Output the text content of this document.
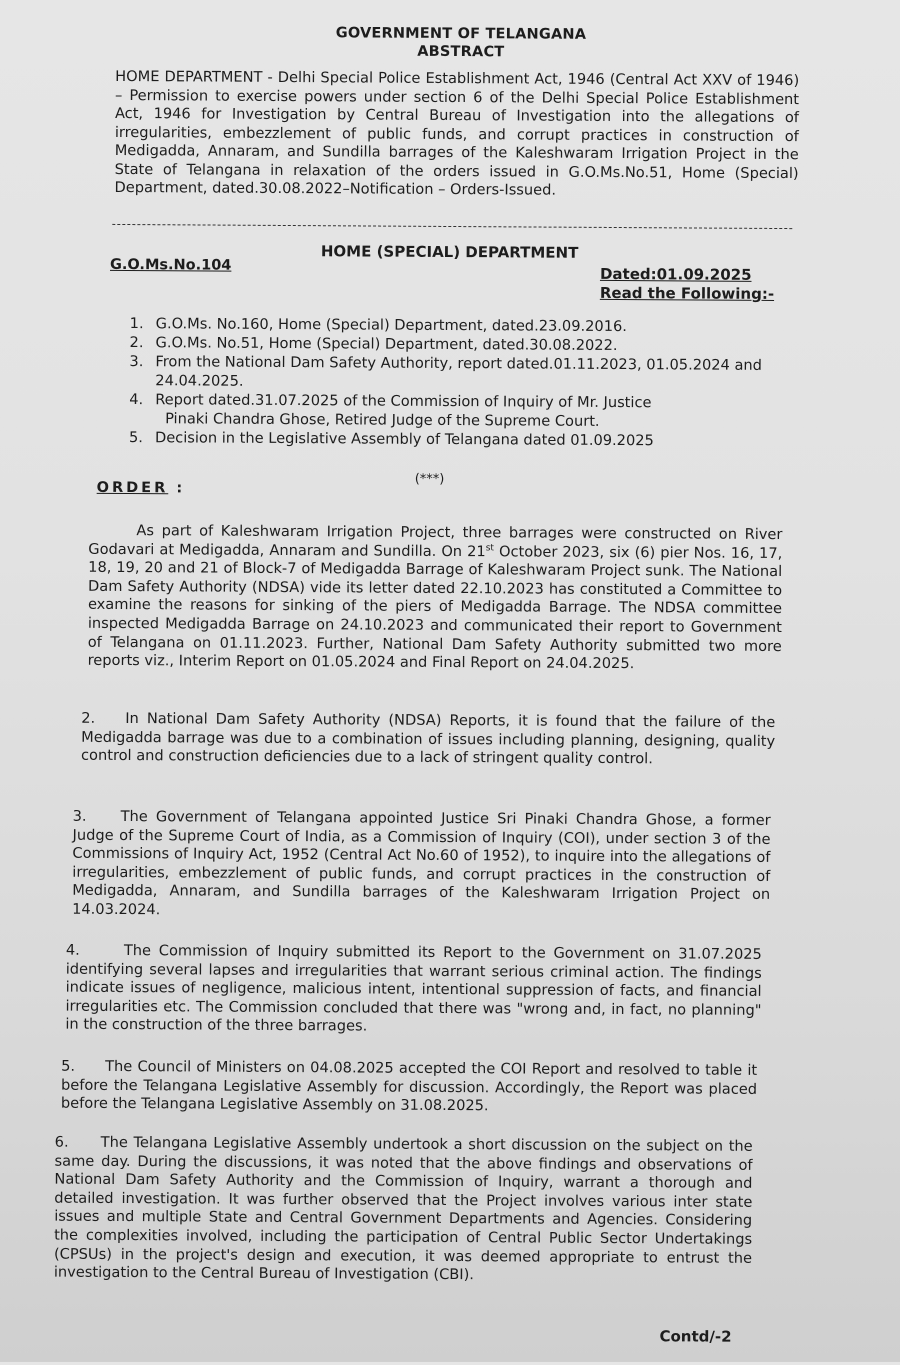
GOVERNMENT OF TELANGANA
ABSTRACT
HOME DEPARTMENT - Delhi Special Police Establishment Act, 1946 (Central Act XXV of 1946) – Permission to exercise powers under section 6 of the Delhi Special Police Establishment Act, 1946 for Investigation by Central Bureau of Investigation into the allegations of irregularities, embezzlement of public funds, and corrupt practices in construction of Medigadda, Annaram, and Sundilla barrages of the Kaleshwaram Irrigation Project in the State of Telangana in relaxation of the orders issued in G.O.Ms.No.51, Home (Special) Department, dated.30.08.2022–Notification – Orders-Issued.
HOME (SPECIAL) DEPARTMENT
G.O.Ms.No.104	Dated:01.09.2025
Read the Following:-
1. G.O.Ms. No.160, Home (Special) Department, dated.23.09.2016.
2. G.O.Ms. No.51, Home (Special) Department, dated.30.08.2022.
3. From the National Dam Safety Authority, report dated.01.11.2023, 01.05.2024 and 24.04.2025.
4. Report dated.31.07.2025 of the Commission of Inquiry of Mr. Justice
Pinaki Chandra Ghose, Retired Judge of the Supreme Court.
5. Decision in the Legislative Assembly of Telangana dated 01.09.2025
(***)
ORDER :
As part of Kaleshwaram Irrigation Project, three barrages were constructed on River Godavari at Medigadda, Annaram and Sundilla. On 21st October 2023, six (6) pier Nos. 16, 17, 18, 19, 20 and 21 of Block-7 of Medigadda Barrage of Kaleshwaram Project sunk. The National Dam Safety Authority (NDSA) vide its letter dated 22.10.2023 has constituted a Committee to examine the reasons for sinking of the piers of Medigadda Barrage. The NDSA committee inspected Medigadda Barrage on 24.10.2023 and communicated their report to Government of Telangana on 01.11.2023. Further, National Dam Safety Authority submitted two more reports viz., Interim Report on 01.05.2024 and Final Report on 24.04.2025.
2. In National Dam Safety Authority (NDSA) Reports, it is found that the failure of the Medigadda barrage was due to a combination of issues including planning, designing, quality control and construction deficiencies due to a lack of stringent quality control.
3. The Government of Telangana appointed Justice Sri Pinaki Chandra Ghose, a former Judge of the Supreme Court of India, as a Commission of Inquiry (COI), under section 3 of the Commissions of Inquiry Act, 1952 (Central Act No.60 of 1952), to inquire into the allegations of irregularities, embezzlement of public funds, and corrupt practices in the construction of Medigadda, Annaram, and Sundilla barrages of the Kaleshwaram Irrigation Project on 14.03.2024.
4.	The Commission of Inquiry submitted its Report to the Government on 31.07.2025 identifying several lapses and irregularities that warrant serious criminal action. The findings indicate issues of negligence, malicious intent, intentional suppression of facts, and financial irregularities etc. The Commission concluded that there was "wrong and, in fact, no planning" in the construction of the three barrages.
5. The Council of Ministers on 04.08.2025 accepted the COI Report and resolved to table it before the Telangana Legislative Assembly for discussion. Accordingly, the Report was placed before the Telangana Legislative Assembly on 31.08.2025.
6. The Telangana Legislative Assembly undertook a short discussion on the subject on the same day. During the discussions, it was noted that the above findings and observations of National Dam Safety Authority and the Commission of Inquiry, warrant a thorough and detailed investigation. It was further observed that the Project involves various inter state issues and multiple State and Central Government Departments and Agencies. Considering the complexities involved, including the participation of Central Public Sector Undertakings (CPSUs) in the project's design and execution, it was deemed appropriate to entrust the investigation to the Central Bureau of Investigation (CBI).
Contd/-2
